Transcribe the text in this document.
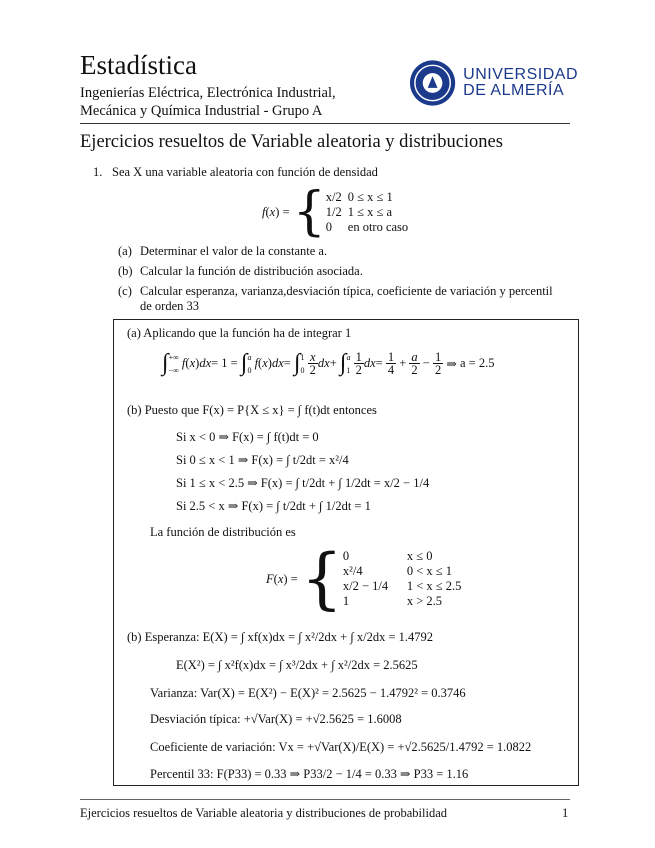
Estadística
Ingenierías Eléctrica, Electrónica Industrial,
Mecánica y Química Industrial - Grupo A
UNIVERSIDAD
DE ALMERÍA
Ejercicios resueltos de Variable aleatoria y distribuciones
1. Sea X una variable aleatoria con función de densidad
f(x) = { x/2	0 ≤ x ≤ 1
1/2	1 ≤ x ≤ a
0	en otro caso
(a) Determinar el valor de la constante a.
(b) Calcular la función de distribución asociada.
(c) Calcular esperanza, varianza,desviación típica, coeficiente de variación y percentil
de orden 33
(a) Aplicando que la función ha de integrar 1
∫ +∞
−∞
f ( x ) dx = 1 = ∫ a
0
f ( x ) dx = ∫ 1
0
$\frac{x}{2}$ dx + ∫ a
1
$\frac{1}{2}$ dx = $\frac{1}{4} + \frac{a}{2} - \frac{1}{2}$ ⇒ a = 2.5
(b) Puesto que F(x) = P{X ≤ x} = ∫ f(t)dt entonces
Si x < 0 ⇒ F(x) = ∫ f(t)dt = 0
Si 0 ≤ x < 1 ⇒ F(x) = ∫ t/2dt = x²/4
Si 1 ≤ x < 2.5 ⇒ F(x) = ∫ t/2dt + ∫ 1/2dt = x/2 − 1/4
Si 2.5 < x ⇒ F(x) = ∫ t/2dt + ∫ 1/2dt = 1
La función de distribución es
F(x) = { 0	x ≤ 0
x²/4	0 < x ≤ 1
x/2 − 1/4	1 < x ≤ 2.5
1	x > 2.5
(b) Esperanza: E(X) = ∫ xf(x)dx = ∫ x²/2dx + ∫ x/2dx = 1.4792
E(X²) = ∫ x²f(x)dx = ∫ x³/2dx + ∫ x²/2dx = 2.5625
Varianza: Var(X) = E(X²) − E(X)² = 2.5625 − 1.4792² = 0.3746
Desviación típica: +√Var(X) = +√2.5625 = 1.6008
Coeficiente de variación: Vx = +√Var(X)/E(X) = +√2.5625/1.4792 = 1.0822
Percentil 33: F(P33) = 0.33 ⇒ P33/2 − 1/4 = 0.33 ⇒ P33 = 1.16
Ejercicios resueltos de Variable aleatoria y distribuciones de probabilidad	1
